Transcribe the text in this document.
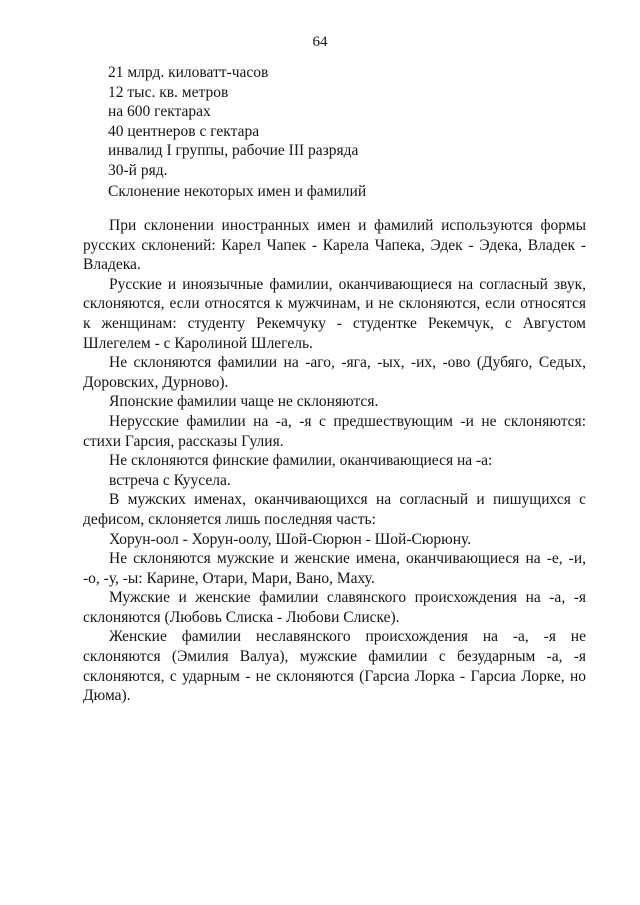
64
21 млрд. киловатт-часов
12 тыс. кв. метров
на 600 гектарах
40 центнеров с гектара
инвалид I группы, рабочие III разряда
30-й ряд.
Склонение некоторых имен и фамилий

При склонении иностранных имен и фамилий используются формы русских склонений: Карел Чапек - Карела Чапека, Эдек - Эдека, Владек - Владека.

Русские и иноязычные фамилии, оканчивающиеся на согласный звук, склоняются, если относятся к мужчинам, и не склоняются, если относятся к женщинам: студенту Рекемчуку - студентке Рекемчук, с Августом Шлегелем - с Каролиной Шлегель.

Не склоняются фамилии на -аго, -яга, -ых, -их, -ово (Дубяго, Седых, Доровских, Дурново).

Японские фамилии чаще не склоняются.

Нерусские фамилии на -а, -я с предшествующим -и не склоняются: стихи Гарсия, рассказы Гулия.

Не склоняются финские фамилии, оканчивающиеся на -а:

встреча с Куусела.

В мужских именах, оканчивающихся на согласный и пишущихся с дефисом, склоняется лишь последняя часть:

Хорун-оол - Хорун-оолу, Шой-Сюрюн - Шой-Сюрюну.

Не склоняются мужские и женские имена, оканчивающиеся на -е, -и, -о, -у, -ы: Карине, Отари, Мари, Вано, Маху.

Мужские и женские фамилии славянского происхождения на -а, -я склоняются (Любовь Слиска - Любови Слиске).

Женские фамилии неславянского происхождения на -а, -я не склоняются (Эмилия Валуа), мужские фамилии с безударным -а, -я склоняются, с ударным - не склоняются (Гарсиа Лорка - Гарсиа Лорке, но Дюма).
